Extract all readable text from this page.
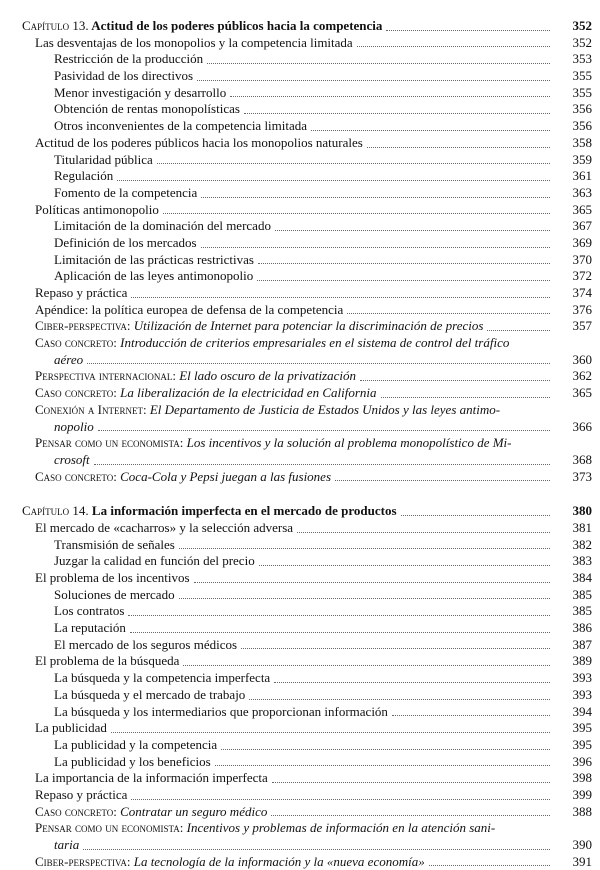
Capítulo 13. Actitud de los poderes públicos hacia la competencia	352
Las desventajas de los monopolios y la competencia limitada	352
Restricción de la producción	353
Pasividad de los directivos	355
Menor investigación y desarrollo	355
Obtención de rentas monopolísticas	356
Otros inconvenientes de la competencia limitada	356
Actitud de los poderes públicos hacia los monopolios naturales	358
Titularidad pública	359
Regulación	361
Fomento de la competencia	363
Políticas antimonopolio	365
Limitación de la dominación del mercado	367
Definición de los mercados	369
Limitación de las prácticas restrictivas	370
Aplicación de las leyes antimonopolio	372
Repaso y práctica	374
Apéndice: la política europea de defensa de la competencia	376
Ciber-perspectiva: Utilización de Internet para potenciar la discriminación de precios	357
Caso concreto: Introducción de criterios empresariales en el sistema de control del tráfico
aéreo	360
Perspectiva internacional: El lado oscuro de la privatización	362
Caso concreto: La liberalización de la electricidad en California	365
Conexión a Internet: El Departamento de Justicia de Estados Unidos y las leyes antimo-
nopolio	366
Pensar como un economista: Los incentivos y la solución al problema monopolístico de Mi-
crosoft	368
Caso concreto: Coca-Cola y Pepsi juegan a las fusiones	373
Capítulo 14. La información imperfecta en el mercado de productos	380
El mercado de «cacharros» y la selección adversa	381
Transmisión de señales	382
Juzgar la calidad en función del precio	383
El problema de los incentivos	384
Soluciones de mercado	385
Los contratos	385
La reputación	386
El mercado de los seguros médicos	387
El problema de la búsqueda	389
La búsqueda y la competencia imperfecta	393
La búsqueda y el mercado de trabajo	393
La búsqueda y los intermediarios que proporcionan información	394
La publicidad	395
La publicidad y la competencia	395
La publicidad y los beneficios	396
La importancia de la información imperfecta	398
Repaso y práctica	399
Caso concreto: Contratar un seguro médico	388
Pensar como un economista: Incentivos y problemas de información en la atención sani-
taria	390
Ciber-perspectiva: La tecnología de la información y la «nueva economía»	391
